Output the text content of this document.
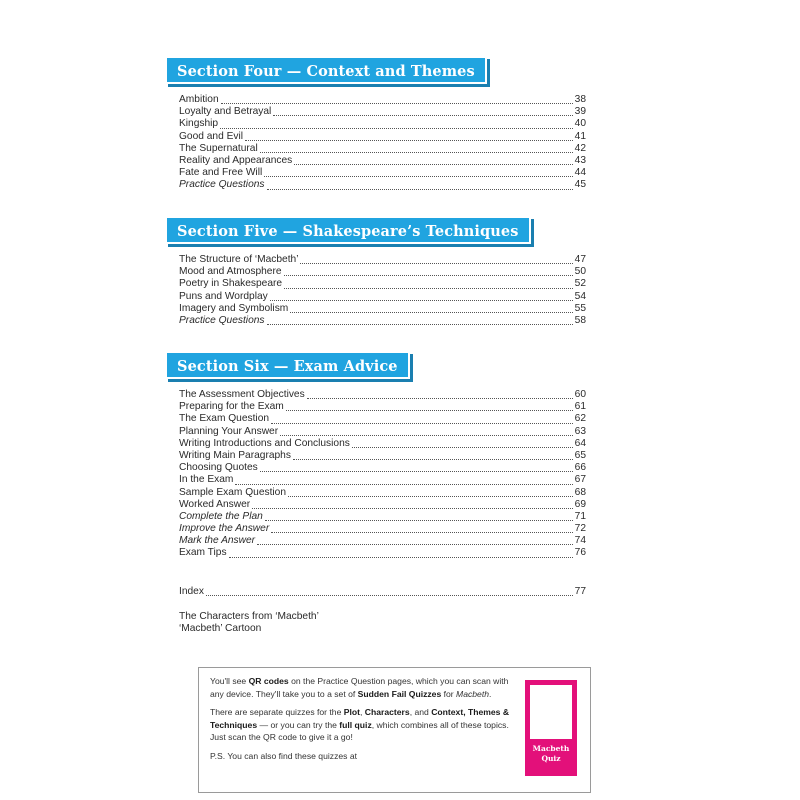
Section Four — Context and Themes
Section Five — Shakespeare’s Techniques
Section Six — Exam Advice
Ambition	38
Loyalty and Betrayal	39
Kingship	40
Good and Evil	41
The Supernatural	42
Reality and Appearances	43
Fate and Free Will	44
Practice Questions	45
The Structure of ‘Macbeth’	47
Mood and Atmosphere	50
Poetry in Shakespeare	52
Puns and Wordplay	54
Imagery and Symbolism	55
Practice Questions	58
The Assessment Objectives	60
Preparing for the Exam	61
The Exam Question	62
Planning Your Answer	63
Writing Introductions and Conclusions	64
Writing Main Paragraphs	65
Choosing Quotes	66
In the Exam	67
Sample Exam Question	68
Worked Answer	69
Complete the Plan	71
Improve the Answer	72
Mark the Answer	74
Exam Tips	76
Index	77
The Characters from ‘Macbeth’
‘Macbeth’ Cartoon

You'll see QR codes on the Practice Question pages, which you can scan with any device. They'll take you to a set of Sudden Fail Quizzes for Macbeth.

There are separate quizzes for the Plot, Characters, and Context, Themes & Techniques — or you can try the full quiz, which combines all of these topics. Just scan the QR code to give it a go!

P.S. You can also find these quizzes at

Macbeth
Quiz
